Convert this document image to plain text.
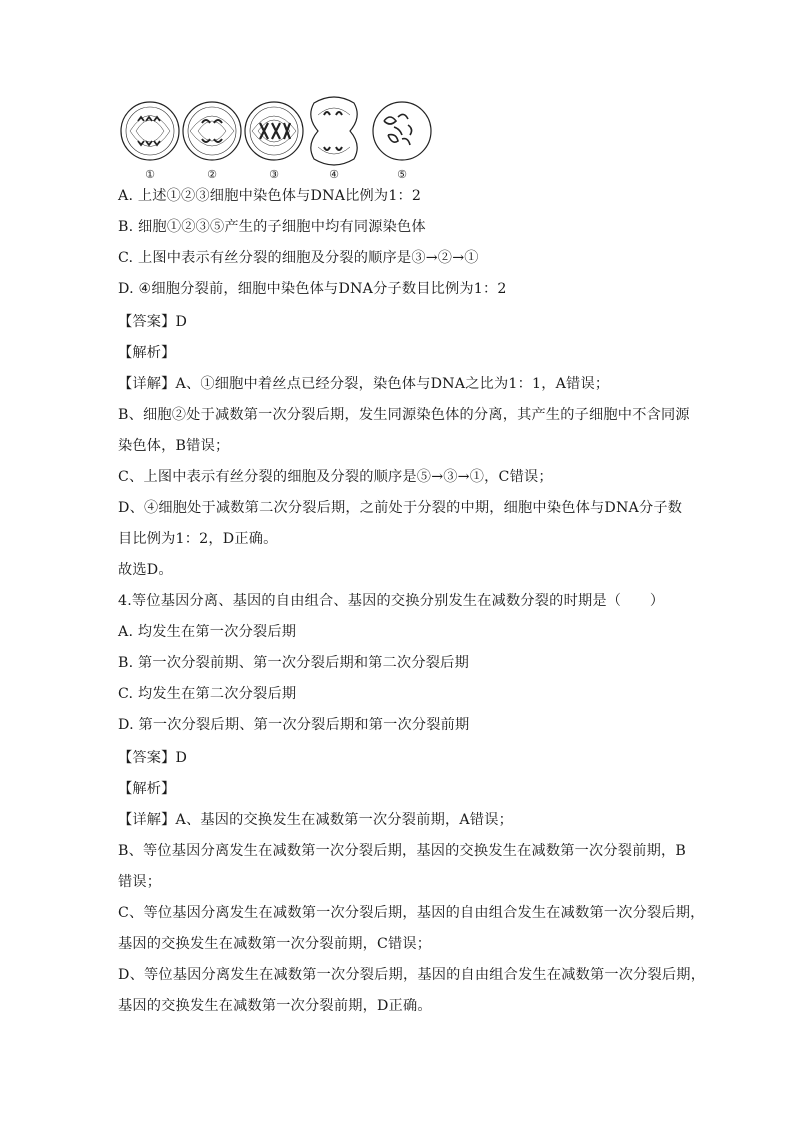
①	②	③	④	⑤
A. 上述①②③细胞中染色体与DNA比例为1：2
B. 细胞①②③⑤产生的子细胞中均有同源染色体
C. 上图中表示有丝分裂的细胞及分裂的顺序是③→②→①
D. ④细胞分裂前，细胞中染色体与DNA分子数目比例为1：2
【答案】D
【解析】
【详解】A、①细胞中着丝点已经分裂，染色体与DNA之比为1：1，A错误；
B、细胞②处于减数第一次分裂后期，发生同源染色体的分离，其产生的子细胞中不含同源
染色体，B错误；
C、上图中表示有丝分裂的细胞及分裂的顺序是⑤→③→①，C错误；
D、④细胞处于减数第二次分裂后期，之前处于分裂的中期，细胞中染色体与DNA分子数
目比例为1：2，D正确。
故选D。
4.等位基因分离、基因的自由组合、基因的交换分别发生在减数分裂的时期是（　　）
A. 均发生在第一次分裂后期
B. 第一次分裂前期、第一次分裂后期和第二次分裂后期
C. 均发生在第二次分裂后期
D. 第一次分裂后期、第一次分裂后期和第一次分裂前期
【答案】D
【解析】
【详解】A、基因的交换发生在减数第一次分裂前期，A错误；
B、等位基因分离发生在减数第一次分裂后期，基因的交换发生在减数第一次分裂前期，B
错误；
C、等位基因分离发生在减数第一次分裂后期，基因的自由组合发生在减数第一次分裂后期，
基因的交换发生在减数第一次分裂前期，C错误；
D、等位基因分离发生在减数第一次分裂后期，基因的自由组合发生在减数第一次分裂后期，
基因的交换发生在减数第一次分裂前期，D正确。
